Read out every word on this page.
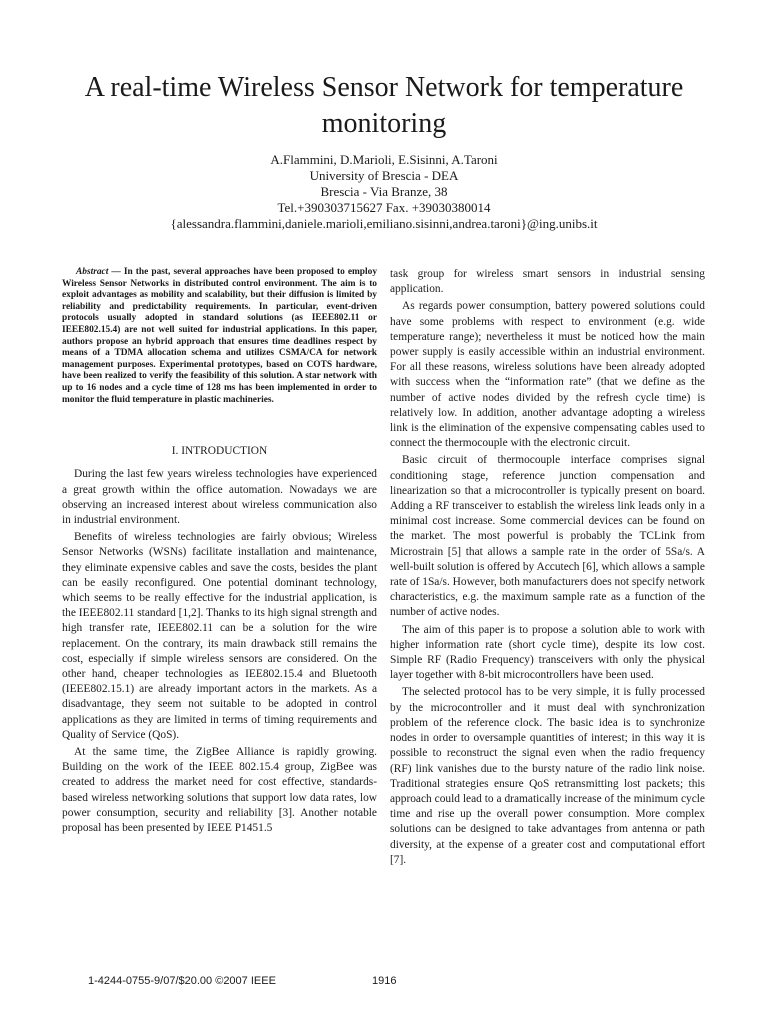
A real-time Wireless Sensor Network for temperature monitoring
A.Flammini, D.Marioli, E.Sisinni, A.Taroni
University of Brescia - DEA
Brescia - Via Branze, 38
Tel.+390303715627 Fax. +39030380014
{alessandra.flammini,daniele.marioli,emiliano.sisinni,andrea.taroni}@ing.unibs.it

Abstract — In the past, several approaches have been proposed to employ Wireless Sensor Networks in distributed control environment. The aim is to exploit advantages as mobility and scalability, but their diffusion is limited by reliability and predictability requirements. In particular, event-driven protocols usually adopted in standard solutions (as IEEE802.11 or IEEE802.15.4) are not well suited for industrial applications. In this paper, authors propose an hybrid approach that ensures time deadlines respect by means of a TDMA allocation schema and utilizes CSMA/CA for network management purposes. Experimental prototypes, based on COTS hardware, have been realized to verify the feasibility of this solution. A star network with up to 16 nodes and a cycle time of 128 ms has been implemented in order to monitor the fluid temperature in plastic machineries.

I. INTRODUCTION

During the last few years wireless technologies have experienced a great growth within the office automation. Nowadays we are observing an increased interest about wireless communication also in industrial environment.

Benefits of wireless technologies are fairly obvious; Wireless Sensor Networks (WSNs) facilitate installation and maintenance, they eliminate expensive cables and save the costs, besides the plant can be easily reconfigured. One potential dominant technology, which seems to be really effective for the industrial application, is the IEEE802.11 standard [1,2]. Thanks to its high signal strength and high transfer rate, IEEE802.11 can be a solution for the wire replacement. On the contrary, its main drawback still remains the cost, especially if simple wireless sensors are considered. On the other hand, cheaper technologies as IEE802.15.4 and Bluetooth (IEEE802.15.1) are already important actors in the markets. As a disadvantage, they seem not suitable to be adopted in control applications as they are limited in terms of timing requirements and Quality of Service (QoS).

At the same time, the ZigBee Alliance is rapidly growing. Building on the work of the IEEE 802.15.4 group, ZigBee was created to address the market need for cost effective, standards-based wireless networking solutions that support low data rates, low power consumption, security and reliability [3]. Another notable proposal has been presented by IEEE P1451.5

task group for wireless smart sensors in industrial sensing application.

As regards power consumption, battery powered solutions could have some problems with respect to environment (e.g. wide temperature range); nevertheless it must be noticed how the main power supply is easily accessible within an industrial environment. For all these reasons, wireless solutions have been already adopted with success when the “information rate” (that we define as the number of active nodes divided by the refresh cycle time) is relatively low. In addition, another advantage adopting a wireless link is the elimination of the expensive compensating cables used to connect the thermocouple with the electronic circuit.

Basic circuit of thermocouple interface comprises signal conditioning stage, reference junction compensation and linearization so that a microcontroller is typically present on board. Adding a RF transceiver to establish the wireless link leads only in a minimal cost increase. Some commercial devices can be found on the market. The most powerful is probably the TCLink from Microstrain [5] that allows a sample rate in the order of 5Sa/s. A well-built solution is offered by Accutech [6], which allows a sample rate of 1Sa/s. However, both manufacturers does not specify network characteristics, e.g. the maximum sample rate as a function of the number of active nodes.

The aim of this paper is to propose a solution able to work with higher information rate (short cycle time), despite its low cost. Simple RF (Radio Frequency) transceivers with only the physical layer together with 8-bit microcontrollers have been used.

The selected protocol has to be very simple, it is fully processed by the microcontroller and it must deal with synchronization problem of the reference clock. The basic idea is to synchronize nodes in order to oversample quantities of interest; in this way it is possible to reconstruct the signal even when the radio frequency (RF) link vanishes due to the bursty nature of the radio link noise. Traditional strategies ensure QoS retransmitting lost packets; this approach could lead to a dramatically increase of the minimum cycle time and rise up the overall power consumption. More complex solutions can be designed to take advantages from antenna or path diversity, at the expense of a greater cost and computational effort [7].

1-4244-0755-9/07/$20.00 ©2007 IEEE	1916
